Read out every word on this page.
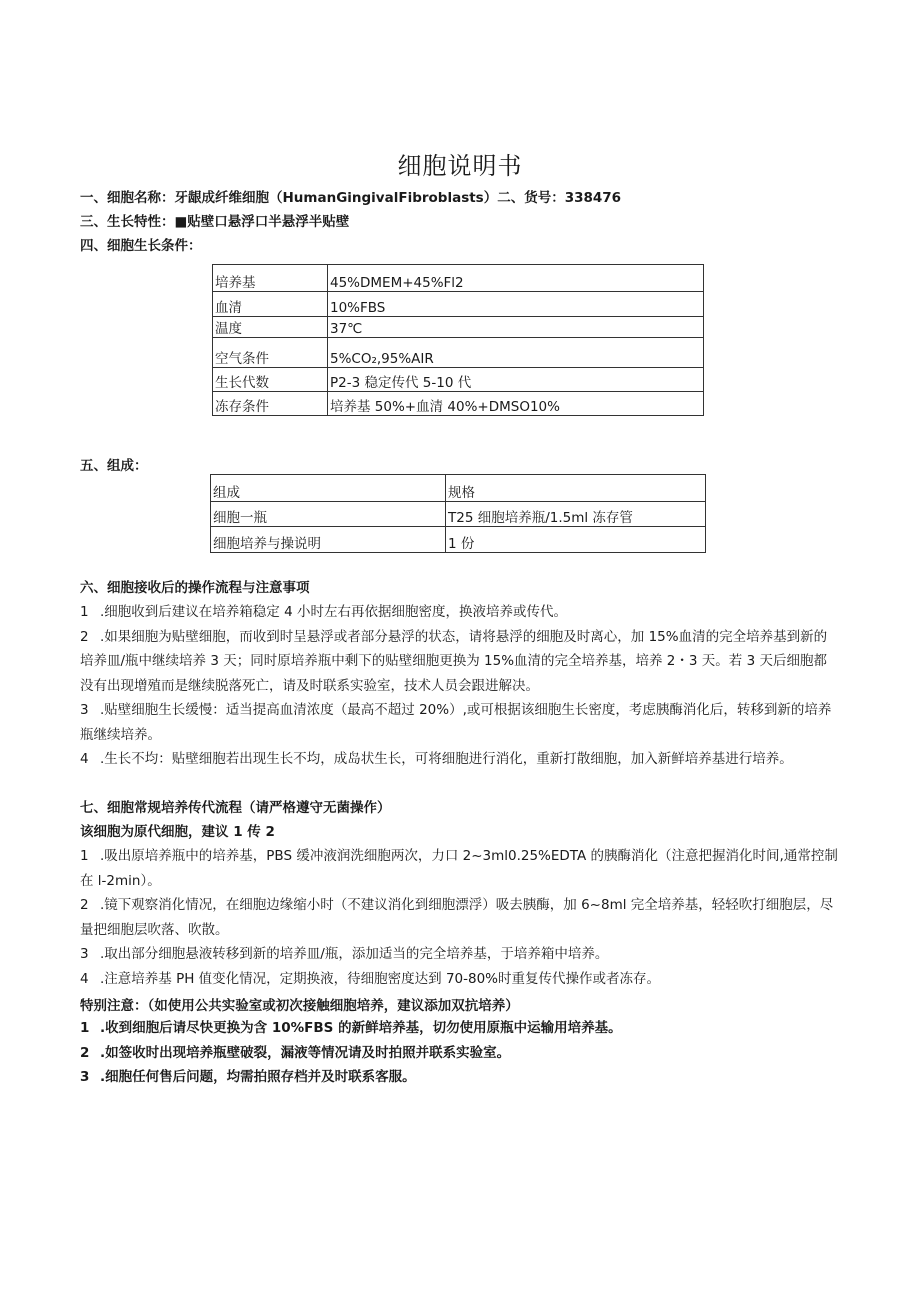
细胞说明书
一、细胞名称：牙龈成纤维细胞（HumanGingivalFibroblasts）二、货号：338476
三、生长特性：■贴壁口悬浮口半悬浮半贴壁
四、细胞生长条件：
培养基	45%DMEM+45%Fl2
血清	10%FBS
温度	37℃
空气条件	5%CO₂,95%AIR
生长代数	P2-3 稳定传代 5-10 代
冻存条件	培养基 50%+血清 40%+DMSO10%
五、组成：
组成	规格
细胞一瓶	T25 细胞培养瓶/1.5ml 冻存管
细胞培养与操说明	1 份
六、细胞接收后的操作流程与注意事项
1 .细胞收到后建议在培养箱稳定 4 小时左右再依据细胞密度，换液培养或传代。
2 .如果细胞为贴壁细胞，而收到时呈悬浮或者部分悬浮的状态，请将悬浮的细胞及时离心，加 15%血清的完全培养基到新的培养皿/瓶中继续培养 3 天；同时原培养瓶中剩下的贴壁细胞更换为 15%血清的完全培养基，培养 2・3 天。若 3 天后细胞都没有出现增殖而是继续脱落死亡，请及时联系实验室，技术人员会跟进解决。
3 .贴壁细胞生长缓慢：适当提高血清浓度（最高不超过 20%）,或可根据该细胞生长密度，考虑胰酶消化后，转移到新的培养瓶继续培养。
4 .生长不均：贴壁细胞若出现生长不均，成岛状生长，可将细胞进行消化，重新打散细胞，加入新鲜培养基进行培养。
七、细胞常规培养传代流程（请严格遵守无菌操作）
该细胞为原代细胞，建议 1 传 2
1 .吸出原培养瓶中的培养基，PBS 缓冲液润洗细胞两次，力口 2~3ml0.25%EDTA 的胰酶消化（注意把握消化时间,通常控制在 l-2min）。
2 .镜下观察消化情况，在细胞边缘缩小时（不建议消化到细胞漂浮）吸去胰酶，加 6~8ml 完全培养基，轻轻吹打细胞层，尽量把细胞层吹落、吹散。
3 .取出部分细胞悬液转移到新的培养皿/瓶，添加适当的完全培养基，于培养箱中培养。
4 .注意培养基 PH 值变化情况，定期换液，待细胞密度达到 70-80%时重复传代操作或者冻存。
特别注意：（如使用公共实验室或初次接触细胞培养，建议添加双抗培养）
1 .收到细胞后请尽快更换为含 10%FBS 的新鲜培养基，切勿使用原瓶中运输用培养基。
2 .如签收时出现培养瓶壁破裂，漏液等情况请及时拍照并联系实验室。
3 .细胞任何售后问题，均需拍照存档并及时联系客服。
